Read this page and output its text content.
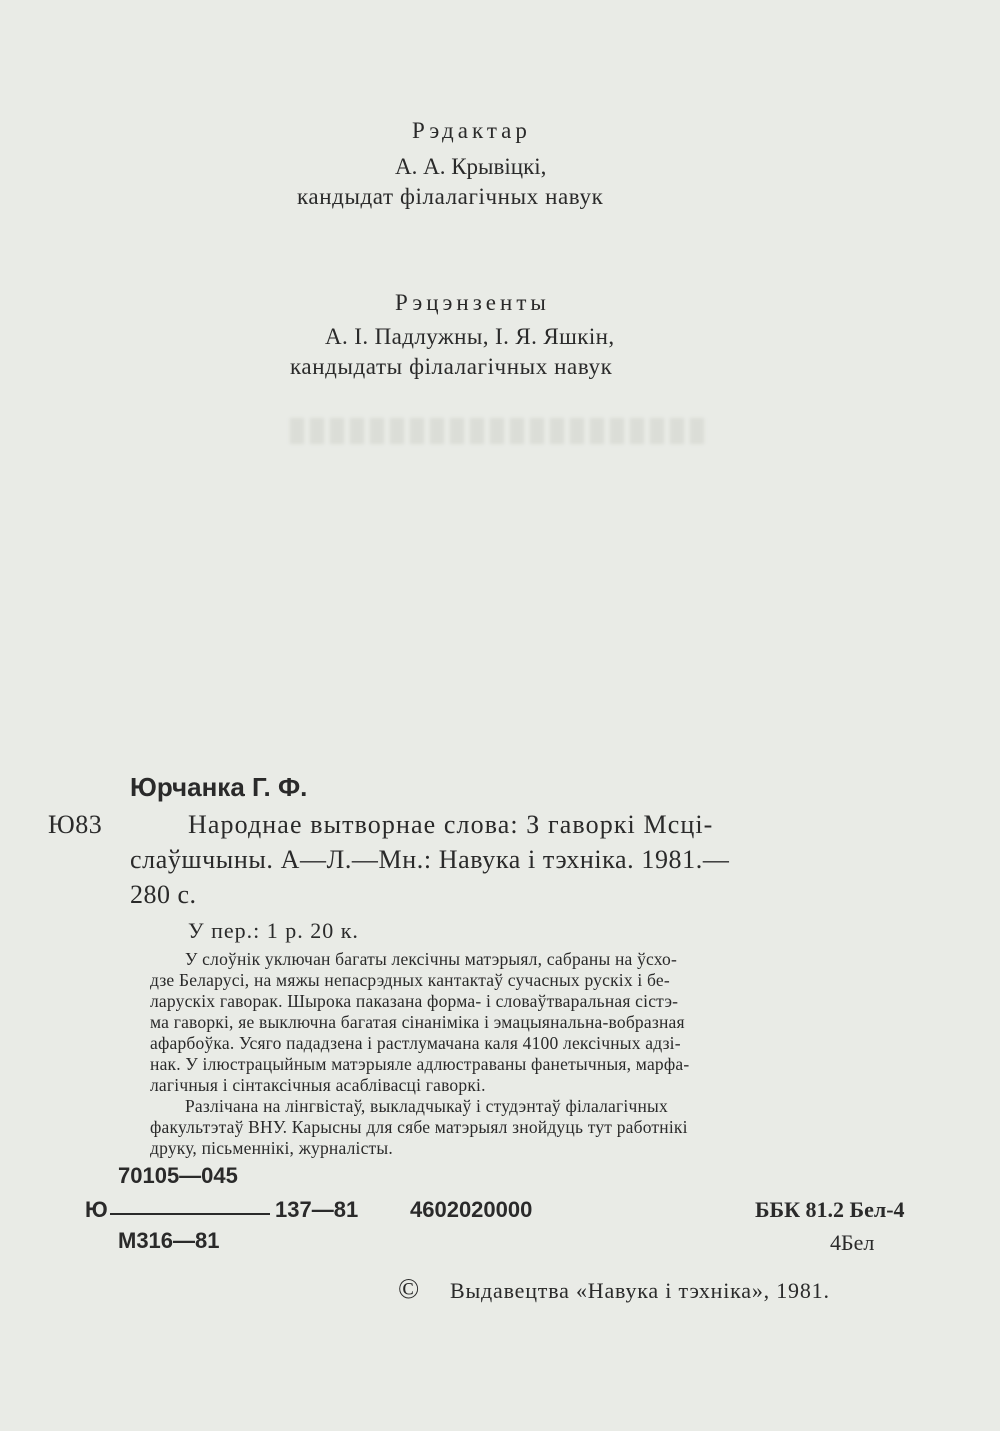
Рэдактар
А. А. Крывіцкі,
кандыдат філалагічных навук
Рэцэнзенты
А. І. Падлужны, І. Я. Яшкін,
кандыдаты філалагічных навук
Юрчанка Г. Ф.
Ю83	Народнае вытворнае слова: З гаворкі Мсці-
слаўшчыны. А—Л.—Мн.: Навука і тэхніка. 1981.—
280 с.
У пер.: 1 р. 20 к.
У слоўнік уключан багаты лексічны матэрыял, сабраны на ўсхо-
дзе Беларусі, на мяжы непасрэдных кантактаў сучасных рускіх і бе-
ларускіх гаворак. Шырока паказана форма- і словаўтваральная сістэ-
ма гаворкі, яе выключна багатая сінаніміка і эмацыянальна-вобразная
афарбоўка. Усяго пададзена і растлумачана каля 4100 лексічных адзі-
нак. У ілюстрацыйным матэрыяле адлюстраваны фанетычныя, марфа-
лагічныя і сінтаксічныя асаблівасці гаворкі.
Разлічана на лінгвістаў, выкладчыкаў і студэнтаў філалагічных
факультэтаў ВНУ. Карысны для сябе матэрыял знойдуць тут работнікі
друку, пісьменнікі, журналісты.
70105—045
Ю	137—81
М316—81
4602020000	ББК 81.2 Бел-4
4Бел
© Выдавецтва «Навука і тэхніка», 1981.
